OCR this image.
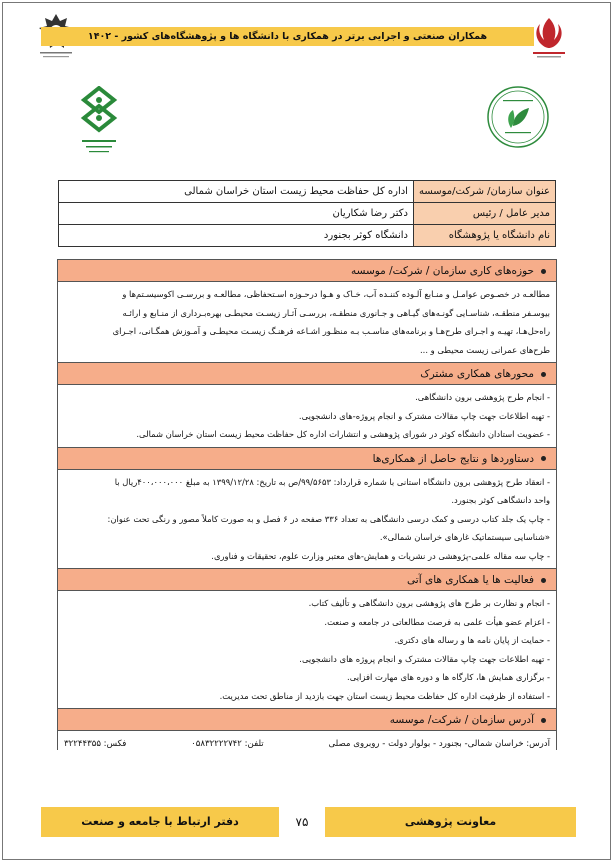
همکاران صنعتی و اجرایی برتر در همکاری با دانشگاه ها و پژوهشگاه‌های کشور - ۱۴۰۲
عنوان سازمان/ شرکت/موسسه	اداره کل حفاظت محیط زیست استان خراسان شمالی
مدیر عامل / رئیس	دکتر رضا شکاریان
نام دانشگاه یا پژوهشگاه	دانشگاه کوثر بجنورد
حوزه‌های کاری سازمان / شرکت/ موسسه
مطالعـه در خصـوص عوامـل و منـابع آلـوده کننـده آب، خـاک و هـوا درحـوزه اسـتحفاظی، مطالعـه و بررسـی اکوسیسـتم‌ها و
بیوسـفر منطقـه، شناسـایی گونـه‌های گیـاهی و جـانوری منطقـه، بررسـی آثـار زیسـت محیطـی بهره‌بـرداری از منـابع و ارائـه
راه‌حل‌هـا، تهیـه و اجـرای طرح‌هـا و برنامه‌های مناسـب بـه منظـور اشـاعه فرهنـگ زیسـت محیطـی و آمـوزش همگـانی، اجـرای
طرح‌های عمرانی زیست محیطی و ...
محورهای همکاری مشترک
- انجام طرح پژوهشی برون دانشگاهی.
- تهیه اطلاعات جهت چاپ مقالات مشترک و انجام پروژه-های دانشجویی.
- عضویت استادان دانشگاه کوثر در شورای پژوهشی و انتشارات اداره کل حفاظت محیط زیست استان خراسان شمالی.
دستاوردها و نتایج حاصل از همکاری‌ها
- انعقاد طرح پژوهشی برون دانشگاه استانی با شماره قرارداد: ۹۹/۵۶۵۳/ص به تاریخ: ۱۳۹۹/۱۲/۲۸ به مبلغ ۴۰۰،۰۰۰،۰۰۰ریال با
واحد دانشگاهی کوثر بجنورد.
- چاپ یک جلد کتاب درسی و کمک درسی دانشگاهی به تعداد ۳۳۶ صفحه در ۶ فصل و به صورت کاملاً مصور و رنگی تحت عنوان:
«شناسایی سیستماتیک غارهای خراسان شمالی».
- چاپ سه مقاله علمی-پژوهشی در نشریات و همایش-های معتبر وزارت علوم، تحقیقات و فناوری.
فعالیت ها یا همکاری های آتی
- انجام و نظارت بر طرح های پژوهشی برون دانشگاهی و تألیف کتاب.
- اعزام عضو هیأت علمی به فرصت مطالعاتی در جامعه و صنعت.
- حمایت از پایان نامه ها و رساله های دکتری.
- تهیه اطلاعات جهت چاپ مقالات مشترک و انجام پروژه های دانشجویی.
- برگزاری همایش ها، کارگاه ها و دوره های مهارت افزایی.
- استفاده از ظرفیت اداره کل حفاظت محیط زیست استان جهت بازدید از مناطق تحت مدیریت.
آدرس سازمان / شرکت/ موسسه
آدرس: خراسان شمالی- بجنورد - بولوار دولت - روبروی مصلی
تلفن: ۰۵۸۳۲۲۲۲۷۴۲
فکس: ۳۲۲۴۴۳۵۵
معاونت پژوهشی
۷۵
دفتر ارتباط با جامعه و صنعت
